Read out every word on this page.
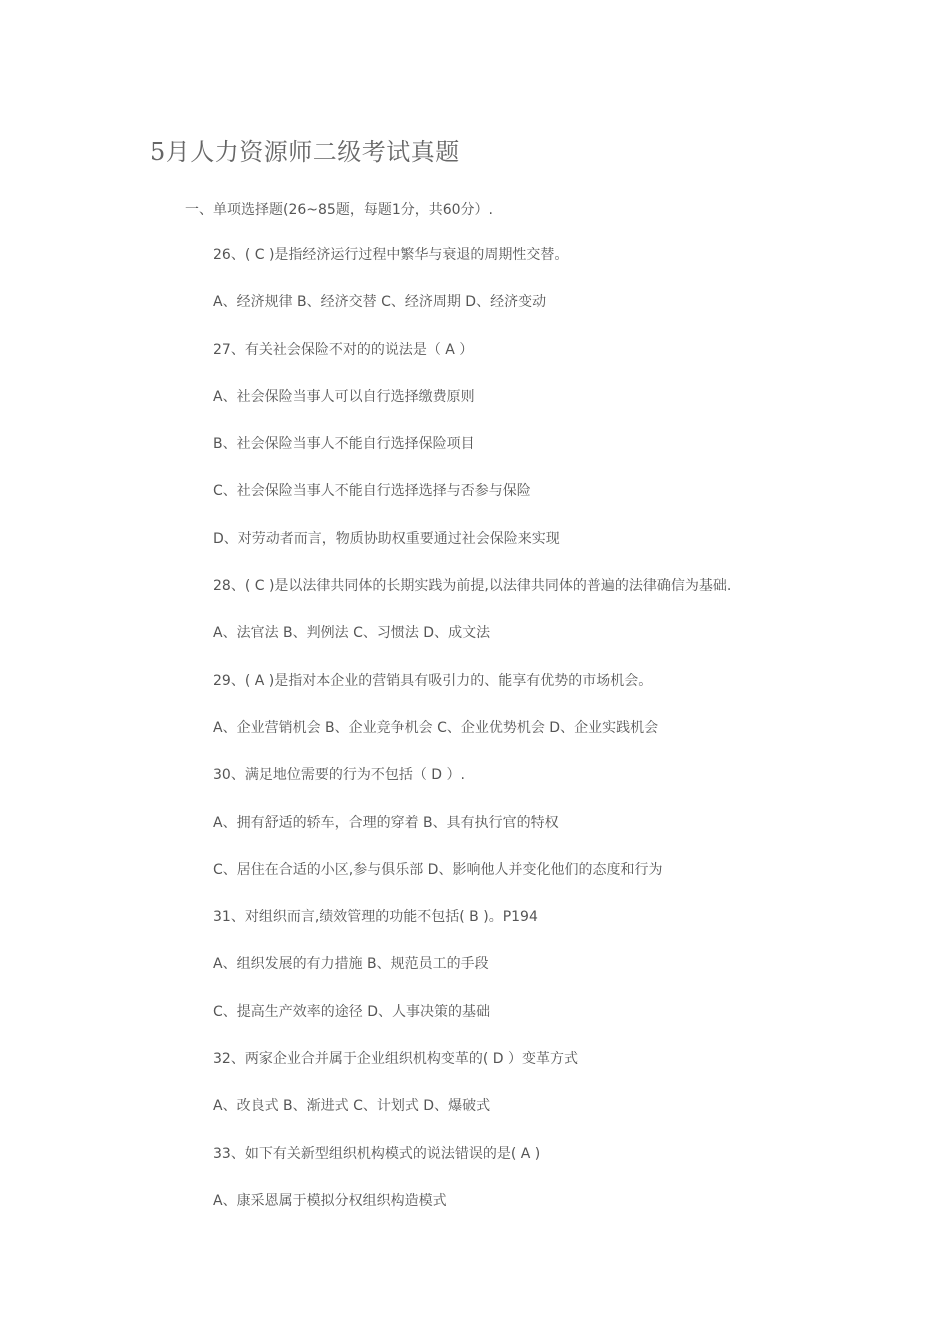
5月人力资源师二级考试真题
一、单项选择题(26~85题，每题1分，共60分）.
26、( C )是指经济运行过程中繁华与衰退的周期性交替。
A、经济规律 B、经济交替 C、经济周期 D、经济变动
27、有关社会保险不对的的说法是（ A ）
A、社会保险当事人可以自行选择缴费原则
B、社会保险当事人不能自行选择保险项目
C、社会保险当事人不能自行选择选择与否参与保险
D、对劳动者而言，物质协助权重要通过社会保险来实现
28、( C )是以法律共同体的长期实践为前提,以法律共同体的普遍的法律确信为基础.
A、法官法 B、判例法 C、习惯法 D、成文法
29、( A )是指对本企业的营销具有吸引力的、能享有优势的市场机会。
A、企业营销机会 B、企业竞争机会 C、企业优势机会 D、企业实践机会
30、满足地位需要的行为不包括（ D ）.
A、拥有舒适的轿车，合理的穿着 B、具有执行官的特权
C、居住在合适的小区,参与俱乐部 D、影响他人并变化他们的态度和行为
31、对组织而言,绩效管理的功能不包括( B )。P194
A、组织发展的有力措施 B、规范员工的手段
C、提高生产效率的途径 D、人事决策的基础
32、两家企业合并属于企业组织机构变革的( D ）变革方式
A、改良式 B、渐进式 C、计划式 D、爆破式
33、如下有关新型组织机构模式的说法错误的是( A )
A、康采恩属于模拟分权组织构造模式
